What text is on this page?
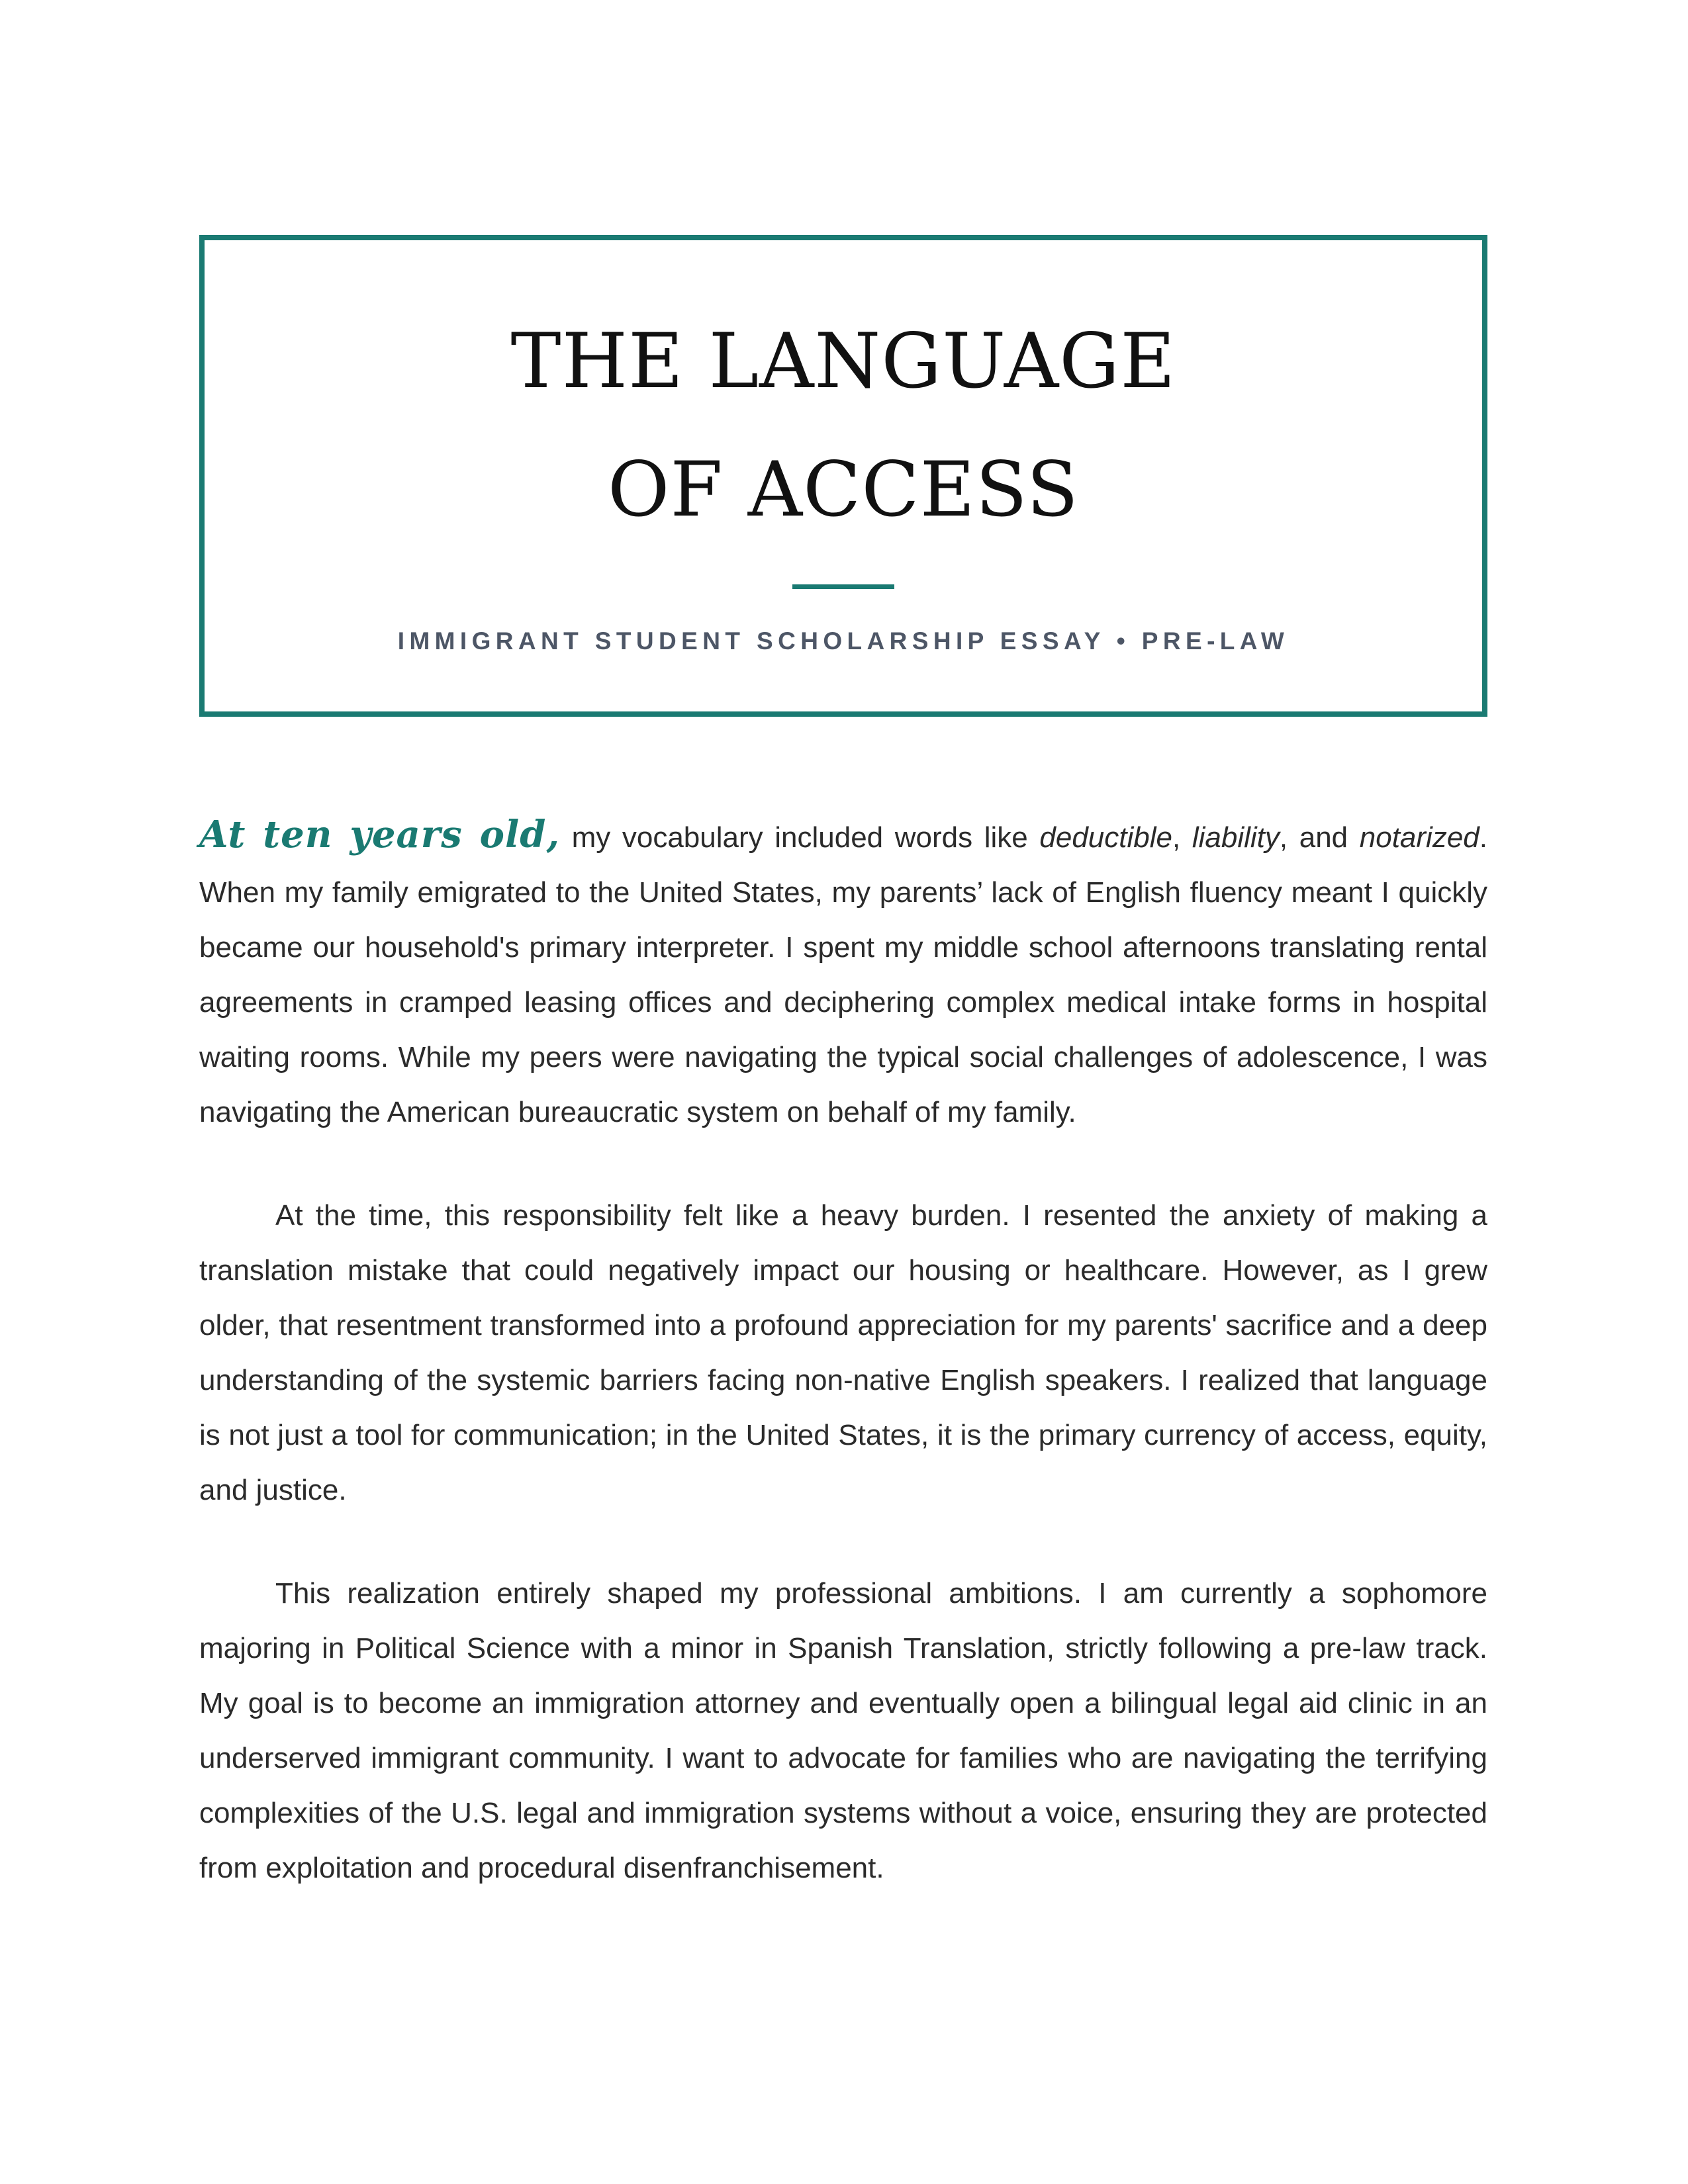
THE LANGUAGE
OF ACCESS
IMMIGRANT STUDENT SCHOLARSHIP ESSAY • PRE-LAW

At ten years old, my vocabulary included words like deductible, liability, and notarized. When my family emigrated to the United States, my parents’ lack of English fluency meant I quickly became our household's primary interpreter. I spent my middle school afternoons translating rental agreements in cramped leasing offices and deciphering complex medical intake forms in hospital waiting rooms. While my peers were navigating the typical social challenges of adolescence, I was navigating the American bureaucratic system on behalf of my family.

At the time, this responsibility felt like a heavy burden. I resented the anxiety of making a translation mistake that could negatively impact our housing or healthcare. However, as I grew older, that resentment transformed into a profound appreciation for my parents' sacrifice and a deep understanding of the systemic barriers facing non-native English speakers. I realized that language is not just a tool for communication; in the United States, it is the primary currency of access, equity, and justice.

This realization entirely shaped my professional ambitions. I am currently a sophomore majoring in Political Science with a minor in Spanish Translation, strictly following a pre-law track. My goal is to become an immigration attorney and eventually open a bilingual legal aid clinic in an underserved immigrant community. I want to advocate for families who are navigating the terrifying complexities of the U.S. legal and immigration systems without a voice, ensuring they are protected from exploitation and procedural disenfranchisement.
